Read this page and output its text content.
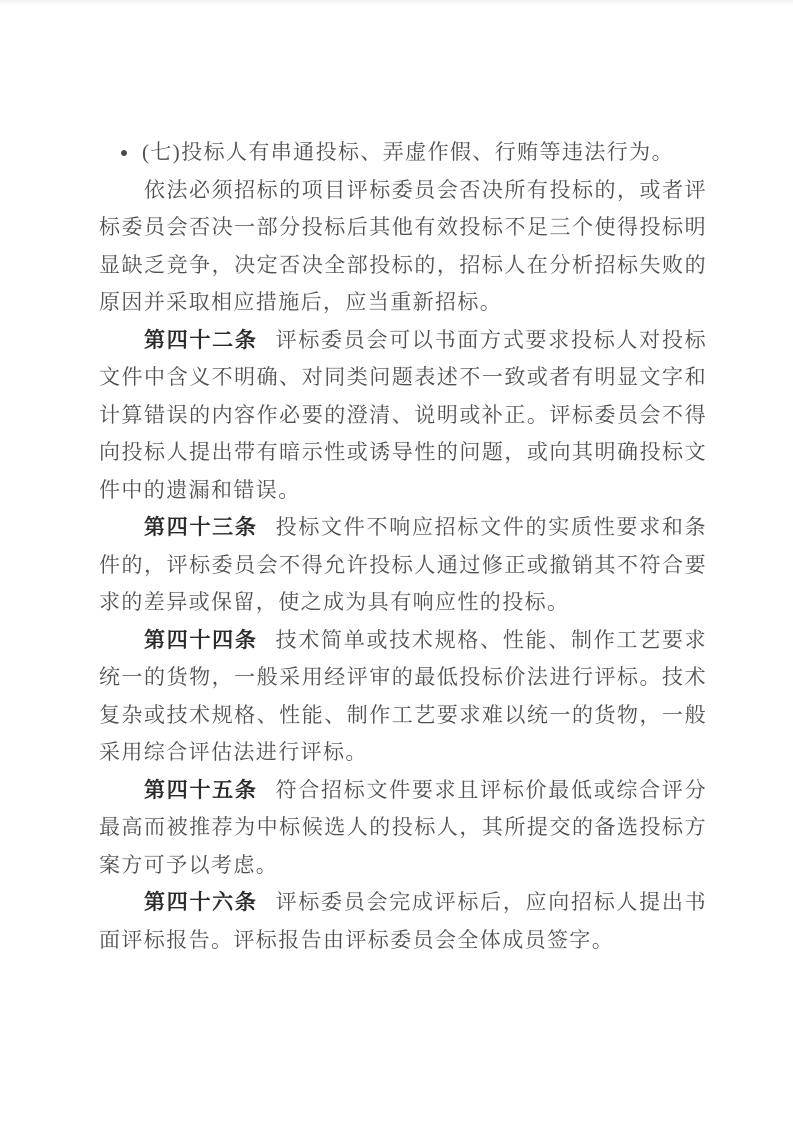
(七)投标人有串通投标、弄虚作假、行贿等违法行为。

依法必须招标的项目评标委员会否决所有投标的，或者评标委员会否决一部分投标后其他有效投标不足三个使得投标明显缺乏竞争，决定否决全部投标的，招标人在分析招标失败的原因并采取相应措施后，应当重新招标。

第四十二条 评标委员会可以书面方式要求投标人对投标文件中含义不明确、对同类问题表述不一致或者有明显文字和计算错误的内容作必要的澄清、说明或补正。评标委员会不得向投标人提出带有暗示性或诱导性的问题，或向其明确投标文件中的遗漏和错误。

第四十三条 投标文件不响应招标文件的实质性要求和条件的，评标委员会不得允许投标人通过修正或撤销其不符合要求的差异或保留，使之成为具有响应性的投标。

第四十四条 技术简单或技术规格、性能、制作工艺要求统一的货物，一般采用经评审的最低投标价法进行评标。技术复杂或技术规格、性能、制作工艺要求难以统一的货物，一般采用综合评估法进行评标。

第四十五条 符合招标文件要求且评标价最低或综合评分最高而被推荐为中标候选人的投标人，其所提交的备选投标方案方可予以考虑。

第四十六条 评标委员会完成评标后，应向招标人提出书面评标报告。评标报告由评标委员会全体成员签字。
